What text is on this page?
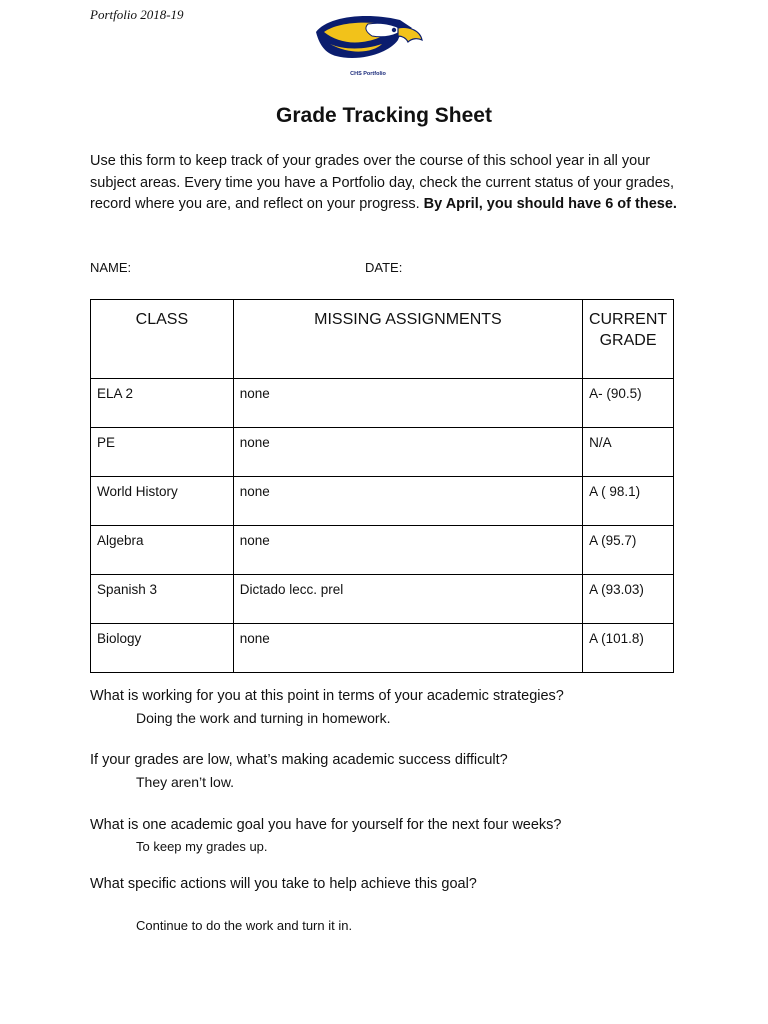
Portfolio 2018-19
CHS Portfolio
Grade Tracking Sheet
Use this form to keep track of your grades over the course of this school year in all your subject areas. Every time you have a Portfolio day, check the current status of your grades, record where you are, and reflect on your progress. By April, you should have 6 of these.
NAME:	DATE:
CLASS	MISSING ASSIGNMENTS	CURRENT GRADE
ELA 2	none	A- (90.5)
PE	none	N/A
World History	none	A ( 98.1)
Algebra	none	A (95.7)
Spanish 3	Dictado lecc. prel	A (93.03)
Biology	none	A (101.8)
What is working for you at this point in terms of your academic strategies?
Doing the work and turning in homework.
If your grades are low, what’s making academic success difficult?
They aren’t low.
What is one academic goal you have for yourself for the next four weeks?
To keep my grades up.
What specific actions will you take to help achieve this goal?
Continue to do the work and turn it in.
